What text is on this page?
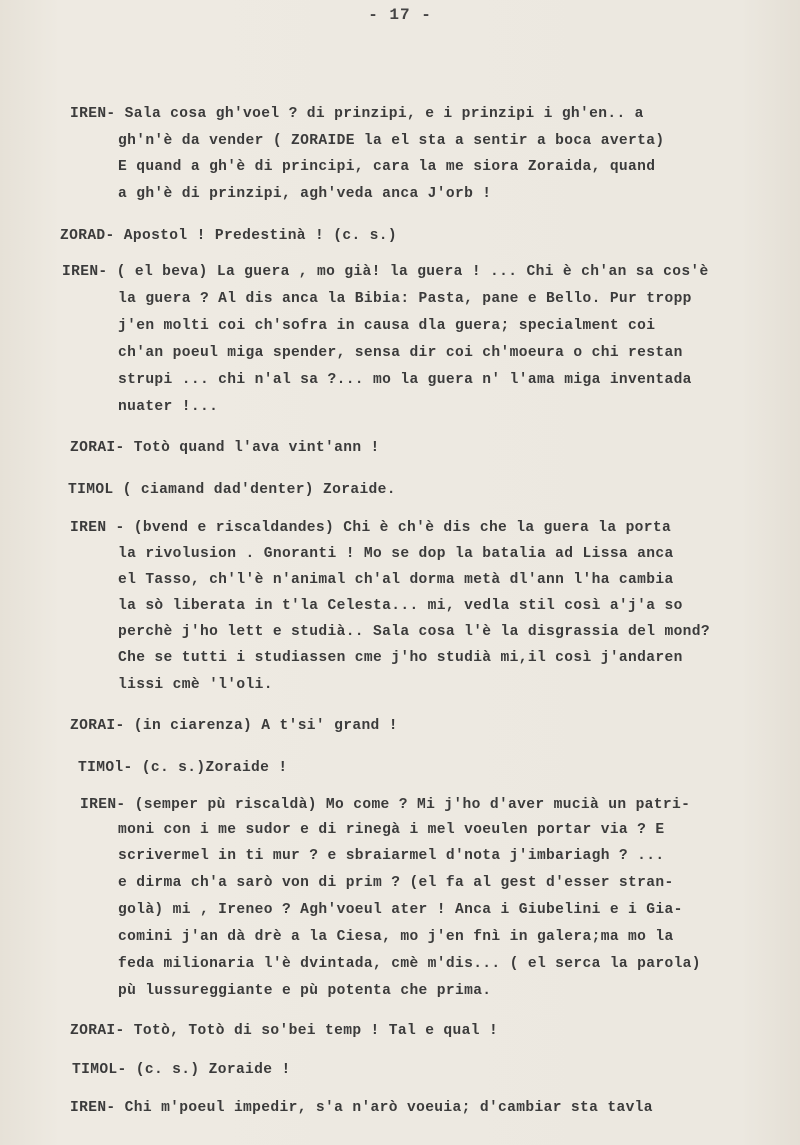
- 17 -
IREN- Sala cosa gh'voel ? di prinzipi, e i prinzipi i gh'en.. a
gh'n'è da vender ( ZORAIDE la el sta a sentir a boca averta)
E quand a gh'è di principi, cara la me siora Zoraida, quand
a gh'è di prinzipi, agh'veda anca J'orb !
ZORAD- Apostol ! Predestinà ! (c. s.)
IREN- ( el beva) La guera , mo già! la guera ! ... Chi è ch'an sa cos'è
la guera ? Al dis anca la Bibia: Pasta, pane e Bello. Pur tropp
j'en molti coi ch'sofra in causa dla guera; specialment coi
ch'an poeul miga spender, sensa dir coi ch'moeura o chi restan
strupi ... chi n'al sa ?... mo la guera n' l'ama miga inventada
nuater !...
ZORAI- Totò quand l'ava vint'ann !
TIMOL ( ciamand dad'denter) Zoraide.
IREN - (bvend e riscaldandes) Chi è ch'è dis che la guera la porta
la rivolusion . Gnoranti ! Mo se dop la batalia ad Lissa anca
el Tasso, ch'l'è n'animal ch'al dorma metà dl'ann l'ha cambia
la sò liberata in t'la Celesta... mi, vedla stil così a'j'a so
perchè j'ho lett e studià.. Sala cosa l'è la disgrassia del mond?
Che se tutti i studiassen cme j'ho studià mi,il così j'andaren
lissi cmè 'l'oli.
ZORAI- (in ciarenza) A t'si' grand !
TIMOl- (c. s.)Zoraide !
IREN- (semper pù riscaldà) Mo come ? Mi j'ho d'aver mucià un patri-
moni con i me sudor e di rinegà i mel voeulen portar via ? E
scrivermel in ti mur ? e sbraiarmel d'nota j'imbariagh ? ...
e dirma ch'a sarò von di prim ? (el fa al gest d'esser stran-
golà) mi , Ireneo ? Agh'voeul ater ! Anca i Giubelini e i Gia-
comini j'an dà drè a la Ciesa, mo j'en fnì in galera;ma mo la
feda milionaria l'è dvintada, cmè m'dis... ( el serca la parola)
pù lussureggiante e pù potenta che prima.
ZORAI- Totò, Totò di so'bei temp ! Tal e qual !
TIMOL- (c. s.) Zoraide !
IREN- Chi m'poeul impedir, s'a n'arò voeuia; d'cambiar sta tavla
